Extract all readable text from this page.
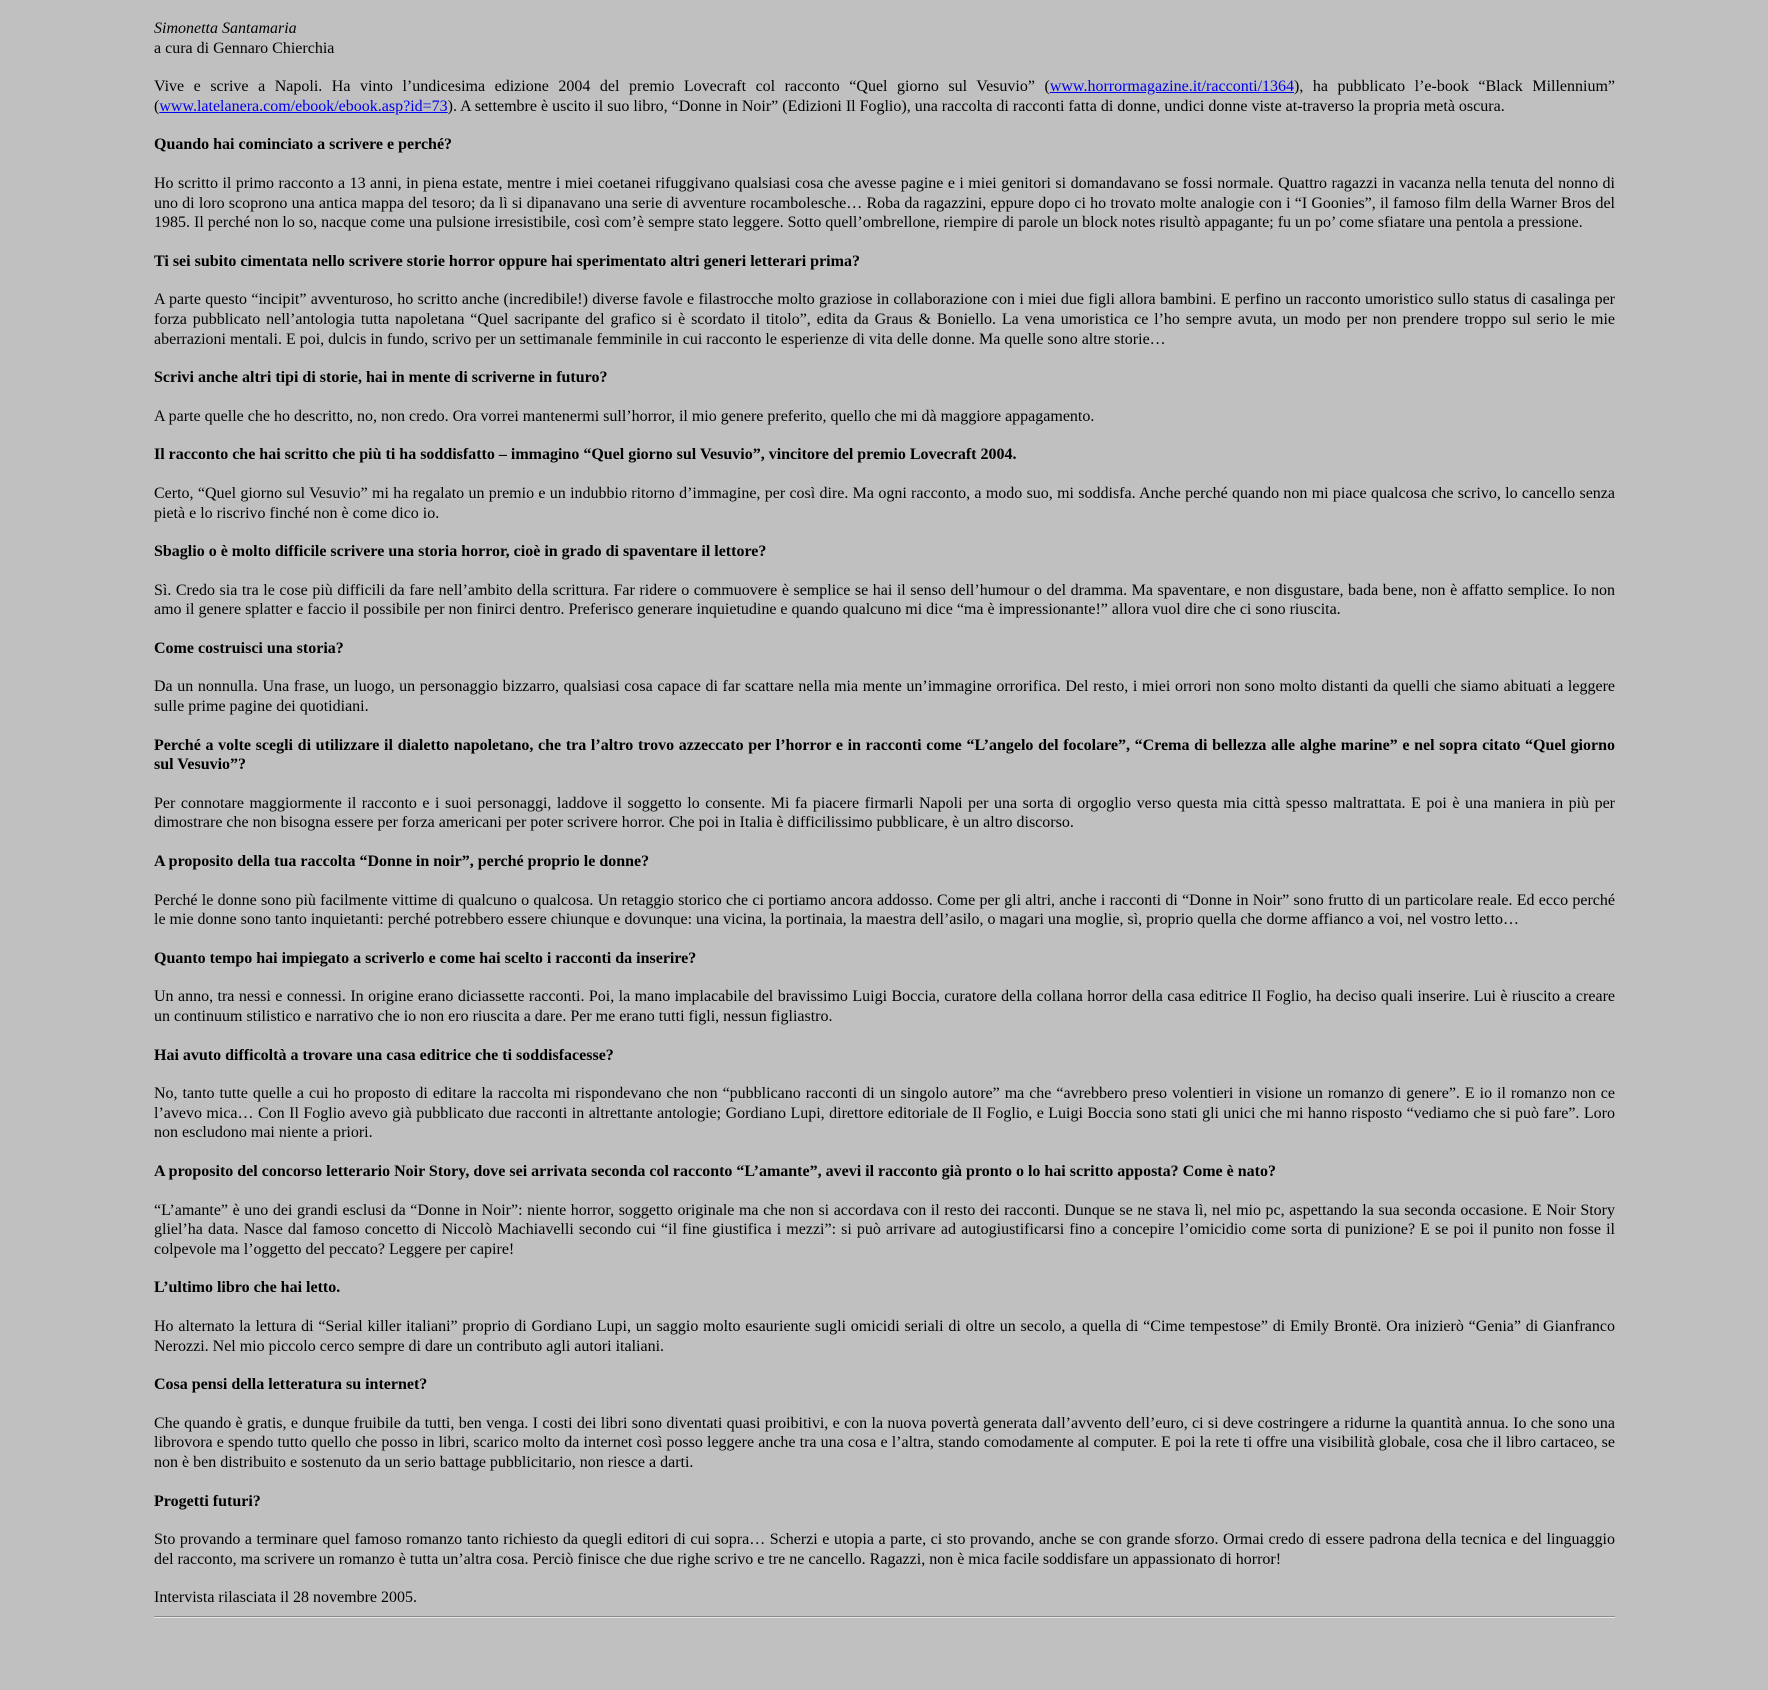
Simonetta Santamaria

a cura di Gennaro Chierchia

Vive e scrive a Napoli. Ha vinto l’undicesima edizione 2004 del premio Lovecraft col racconto “Quel giorno sul Vesuvio” (www.horrormagazine.it/racconti/1364), ha pubblicato l’e-book “Black Millennium” (www.latelanera.com/ebook/ebook.asp?id=73). A settembre è uscito il suo libro, “Donne in Noir” (Edizioni Il Foglio), una raccolta di racconti fatta di donne, undici donne viste at-traverso la propria metà oscura.

Quando hai cominciato a scrivere e perché?

Ho scritto il primo racconto a 13 anni, in piena estate, mentre i miei coetanei rifuggivano qualsiasi cosa che avesse pagine e i miei genitori si domandavano se fossi normale. Quattro ragazzi in vacanza nella tenuta del nonno di uno di loro scoprono una antica mappa del tesoro; da lì si dipanavano una serie di avventure rocambolesche… Roba da ragazzini, eppure dopo ci ho trovato molte analogie con i “I Goonies”, il famoso film della Warner Bros del 1985. Il perché non lo so, nacque come una pulsione irresistibile, così com’è sempre stato leggere. Sotto quell’ombrellone, riempire di parole un block notes risultò appagante; fu un po’ come sfiatare una pentola a pressione.

Ti sei subito cimentata nello scrivere storie horror oppure hai sperimentato altri generi letterari prima?

A parte questo “incipit” avventuroso, ho scritto anche (incredibile!) diverse favole e filastrocche molto graziose in collaborazione con i miei due figli allora bambini. E perfino un racconto umoristico sullo status di casalinga per forza pubblicato nell’antologia tutta napoletana “Quel sacripante del grafico si è scordato il titolo”, edita da Graus & Boniello. La vena umoristica ce l’ho sempre avuta, un modo per non prendere troppo sul serio le mie aberrazioni mentali. E poi, dulcis in fundo, scrivo per un settimanale femminile in cui racconto le esperienze di vita delle donne. Ma quelle sono altre storie…

Scrivi anche altri tipi di storie, hai in mente di scriverne in futuro?

A parte quelle che ho descritto, no, non credo. Ora vorrei mantenermi sull’horror, il mio genere preferito, quello che mi dà maggiore appagamento.

Il racconto che hai scritto che più ti ha soddisfatto – immagino “Quel giorno sul Vesuvio”, vincitore del premio Lovecraft 2004.

Certo, “Quel giorno sul Vesuvio” mi ha regalato un premio e un indubbio ritorno d’immagine, per così dire. Ma ogni racconto, a modo suo, mi soddisfa. Anche perché quando non mi piace qualcosa che scrivo, lo cancello senza pietà e lo riscrivo finché non è come dico io.

Sbaglio o è molto difficile scrivere una storia horror, cioè in grado di spaventare il lettore?

Sì. Credo sia tra le cose più difficili da fare nell’ambito della scrittura. Far ridere o commuovere è semplice se hai il senso dell’humour o del dramma. Ma spaventare, e non disgustare, bada bene, non è affatto semplice. Io non amo il genere splatter e faccio il possibile per non finirci dentro. Preferisco generare inquietudine e quando qualcuno mi dice “ma è impressionante!” allora vuol dire che ci sono riuscita.

Come costruisci una storia?

Da un nonnulla. Una frase, un luogo, un personaggio bizzarro, qualsiasi cosa capace di far scattare nella mia mente un’immagine orrorifica. Del resto, i miei orrori non sono molto distanti da quelli che siamo abituati a leggere sulle prime pagine dei quotidiani.

Perché a volte scegli di utilizzare il dialetto napoletano, che tra l’altro trovo azzeccato per l’horror e in racconti come “L’angelo del focolare”, “Crema di bellezza alle alghe marine” e nel sopra citato “Quel giorno sul Vesuvio”?

Per connotare maggiormente il racconto e i suoi personaggi, laddove il soggetto lo consente. Mi fa piacere firmarli Napoli per una sorta di orgoglio verso questa mia città spesso maltrattata. E poi è una maniera in più per dimostrare che non bisogna essere per forza americani per poter scrivere horror. Che poi in Italia è difficilissimo pubblicare, è un altro discorso.

A proposito della tua raccolta “Donne in noir”, perché proprio le donne?

Perché le donne sono più facilmente vittime di qualcuno o qualcosa. Un retaggio storico che ci portiamo ancora addosso. Come per gli altri, anche i racconti di “Donne in Noir” sono frutto di un particolare reale. Ed ecco perché le mie donne sono tanto inquietanti: perché potrebbero essere chiunque e dovunque: una vicina, la portinaia, la maestra dell’asilo, o magari una moglie, sì, proprio quella che dorme affianco a voi, nel vostro letto…

Quanto tempo hai impiegato a scriverlo e come hai scelto i racconti da inserire?

Un anno, tra nessi e connessi. In origine erano diciassette racconti. Poi, la mano implacabile del bravissimo Luigi Boccia, curatore della collana horror della casa editrice Il Foglio, ha deciso quali inserire. Lui è riuscito a creare un continuum stilistico e narrativo che io non ero riuscita a dare. Per me erano tutti figli, nessun figliastro.

Hai avuto difficoltà a trovare una casa editrice che ti soddisfacesse?

No, tanto tutte quelle a cui ho proposto di editare la raccolta mi rispondevano che non “pubblicano racconti di un singolo autore” ma che “avrebbero preso volentieri in visione un romanzo di genere”. E io il romanzo non ce l’avevo mica… Con Il Foglio avevo già pubblicato due racconti in altrettante antologie; Gordiano Lupi, direttore editoriale de Il Foglio, e Luigi Boccia sono stati gli unici che mi hanno risposto “vediamo che si può fare”. Loro non escludono mai niente a priori.

A proposito del concorso letterario Noir Story, dove sei arrivata seconda col racconto “L’amante”, avevi il racconto già pronto o lo hai scritto apposta? Come è nato?

“L’amante” è uno dei grandi esclusi da “Donne in Noir”: niente horror, soggetto originale ma che non si accordava con il resto dei racconti. Dunque se ne stava lì, nel mio pc, aspettando la sua seconda occasione. E Noir Story glielʼha data. Nasce dal famoso concetto di Niccolò Machiavelli secondo cui “il fine giustifica i mezzi”: si può arrivare ad autogiustificarsi fino a concepire l’omicidio come sorta di punizione? E se poi il punito non fosse il colpevole ma l’oggetto del peccato? Leggere per capire!

L’ultimo libro che hai letto.

Ho alternato la lettura di “Serial killer italiani” proprio di Gordiano Lupi, un saggio molto esauriente sugli omicidi seriali di oltre un secolo, a quella di “Cime tempestose” di Emily Brontë. Ora inizierò “Genia” di Gianfranco Nerozzi. Nel mio piccolo cerco sempre di dare un contributo agli autori italiani.

Cosa pensi della letteratura su internet?

Che quando è gratis, e dunque fruibile da tutti, ben venga. I costi dei libri sono diventati quasi proibitivi, e con la nuova povertà generata dall’avvento dell’euro, ci si deve costringere a ridurne la quantità annua. Io che sono una librovora e spendo tutto quello che posso in libri, scarico molto da internet così posso leggere anche tra una cosa e l’altra, stando comodamente al computer. E poi la rete ti offre una visibilità globale, cosa che il libro cartaceo, se non è ben distribuito e sostenuto da un serio battage pubblicitario, non riesce a darti.

Progetti futuri?

Sto provando a terminare quel famoso romanzo tanto richiesto da quegli editori di cui sopra… Scherzi e utopia a parte, ci sto provando, anche se con grande sforzo. Ormai credo di essere padrona della tecnica e del linguaggio del racconto, ma scrivere un romanzo è tutta un’altra cosa. Perciò finisce che due righe scrivo e tre ne cancello. Ragazzi, non è mica facile soddisfare un appassionato di horror!

Intervista rilasciata il 28 novembre 2005.
